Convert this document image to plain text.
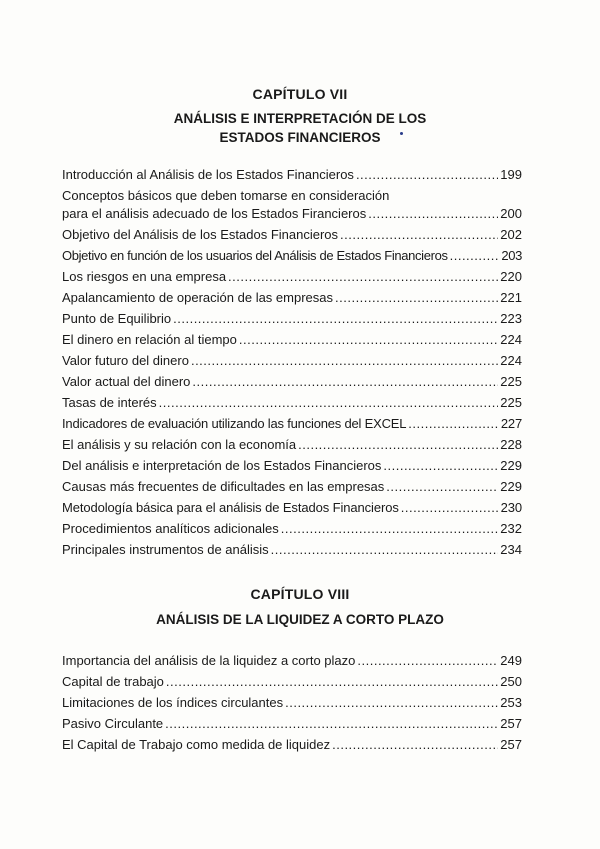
CAPÍTULO VII
ANÁLISIS E INTERPRETACIÓN DE LOS
ESTADOS FINANCIEROS
Introducción al Análisis de los Estados Financieros .....	199
Conceptos básicos que deben tomarse en consideración
para el análisis adecuado de los Estados Firancieros .....	200
Objetivo del Análisis de los Estados Financieros .....	202
Objetivo en función de los usuarios del Análisis de Estados Financieros .....	203
Los riesgos en una empresa .....	220
Apalancamiento de operación de las empresas .....	221
Punto de Equilibrio .....	223
El dinero en relación al tiempo .....	224
Valor futuro del dinero .....	224
Valor actual del dinero .....	225
Tasas de interés .....	225
Indicadores de evaluación utilizando las funciones del EXCEL .....	227
El análisis y su relación con la economía .....	228
Del análisis e interpretación de los Estados Financieros .....	229
Causas más frecuentes de dificultades en las empresas .....	229
Metodología básica para el análisis de Estados Financieros .....	230
Procedimientos analíticos adicionales .....	232
Principales instrumentos de análisis .....	234
CAPÍTULO VIII
ANÁLISIS DE LA LIQUIDEZ A CORTO PLAZO
Importancia del análisis de la liquidez a corto plazo .....	249
Capital de trabajo .....	250
Limitaciones de los índices circulantes .....	253
Pasivo Circulante .....	257
El Capital de Trabajo como medida de liquidez .....	257
